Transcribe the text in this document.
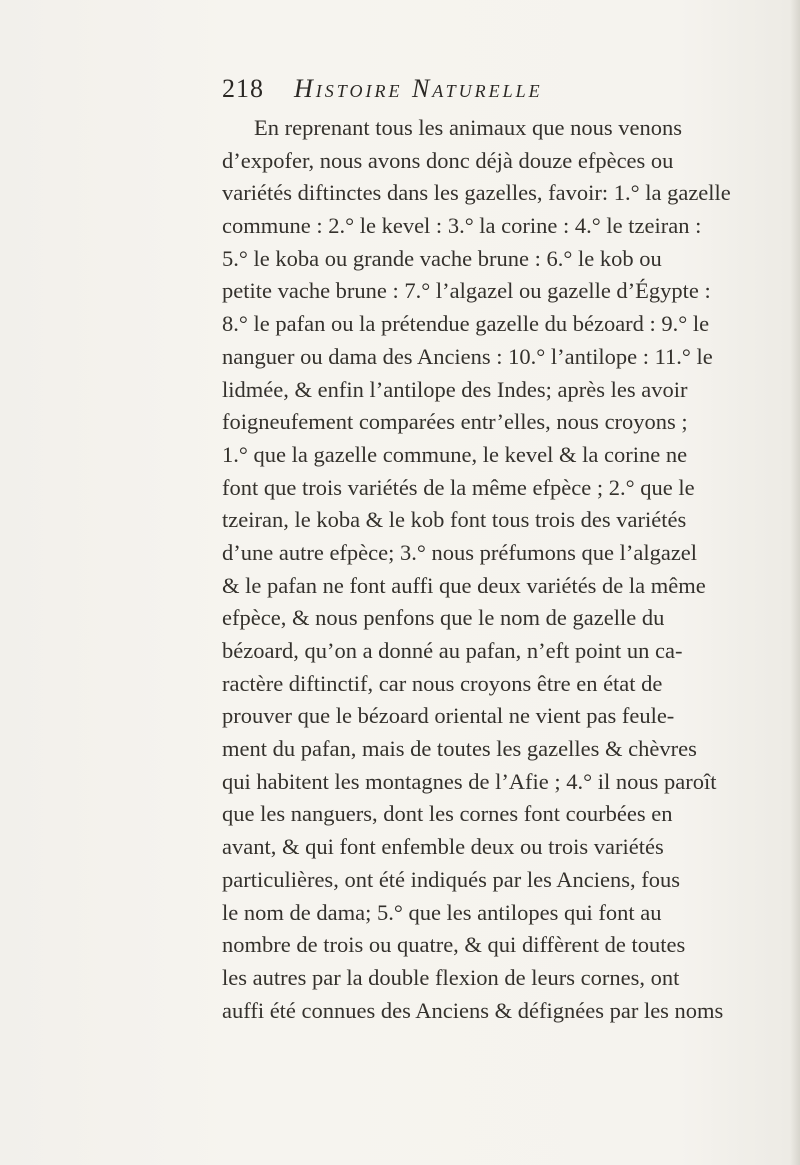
218 Histoire Naturelle
En reprenant tous les animaux que nous venons
d’expofer, nous avons donc déjà douze efpèces ou
variétés diftinctes dans les gazelles, favoir: 1.° la gazelle
commune : 2.° le kevel : 3.° la corine : 4.° le tzeiran :
5.° le koba ou grande vache brune : 6.° le kob ou
petite vache brune : 7.° l’algazel ou gazelle d’Égypte :
8.° le pafan ou la prétendue gazelle du bézoard : 9.° le
nanguer ou dama des Anciens : 10.° l’antilope : 11.° le
lidmée, & enfin l’antilope des Indes; après les avoir
foigneufement comparées entr’elles, nous croyons ;
1.° que la gazelle commune, le kevel & la corine ne
font que trois variétés de la même efpèce ; 2.° que le
tzeiran, le koba & le kob font tous trois des variétés
d’une autre efpèce; 3.° nous préfumons que l’algazel
& le pafan ne font auffi que deux variétés de la même
efpèce, & nous penfons que le nom de gazelle du
bézoard, qu’on a donné au pafan, n’eft point un ca-
ractère diftinctif, car nous croyons être en état de
prouver que le bézoard oriental ne vient pas feule-
ment du pafan, mais de toutes les gazelles & chèvres
qui habitent les montagnes de l’Afie ; 4.° il nous paroît
que les nanguers, dont les cornes font courbées en
avant, & qui font enfemble deux ou trois variétés
particulières, ont été indiqués par les Anciens, fous
le nom de dama; 5.° que les antilopes qui font au
nombre de trois ou quatre, & qui diffèrent de toutes
les autres par la double flexion de leurs cornes, ont
auffi été connues des Anciens & défignées par les noms
